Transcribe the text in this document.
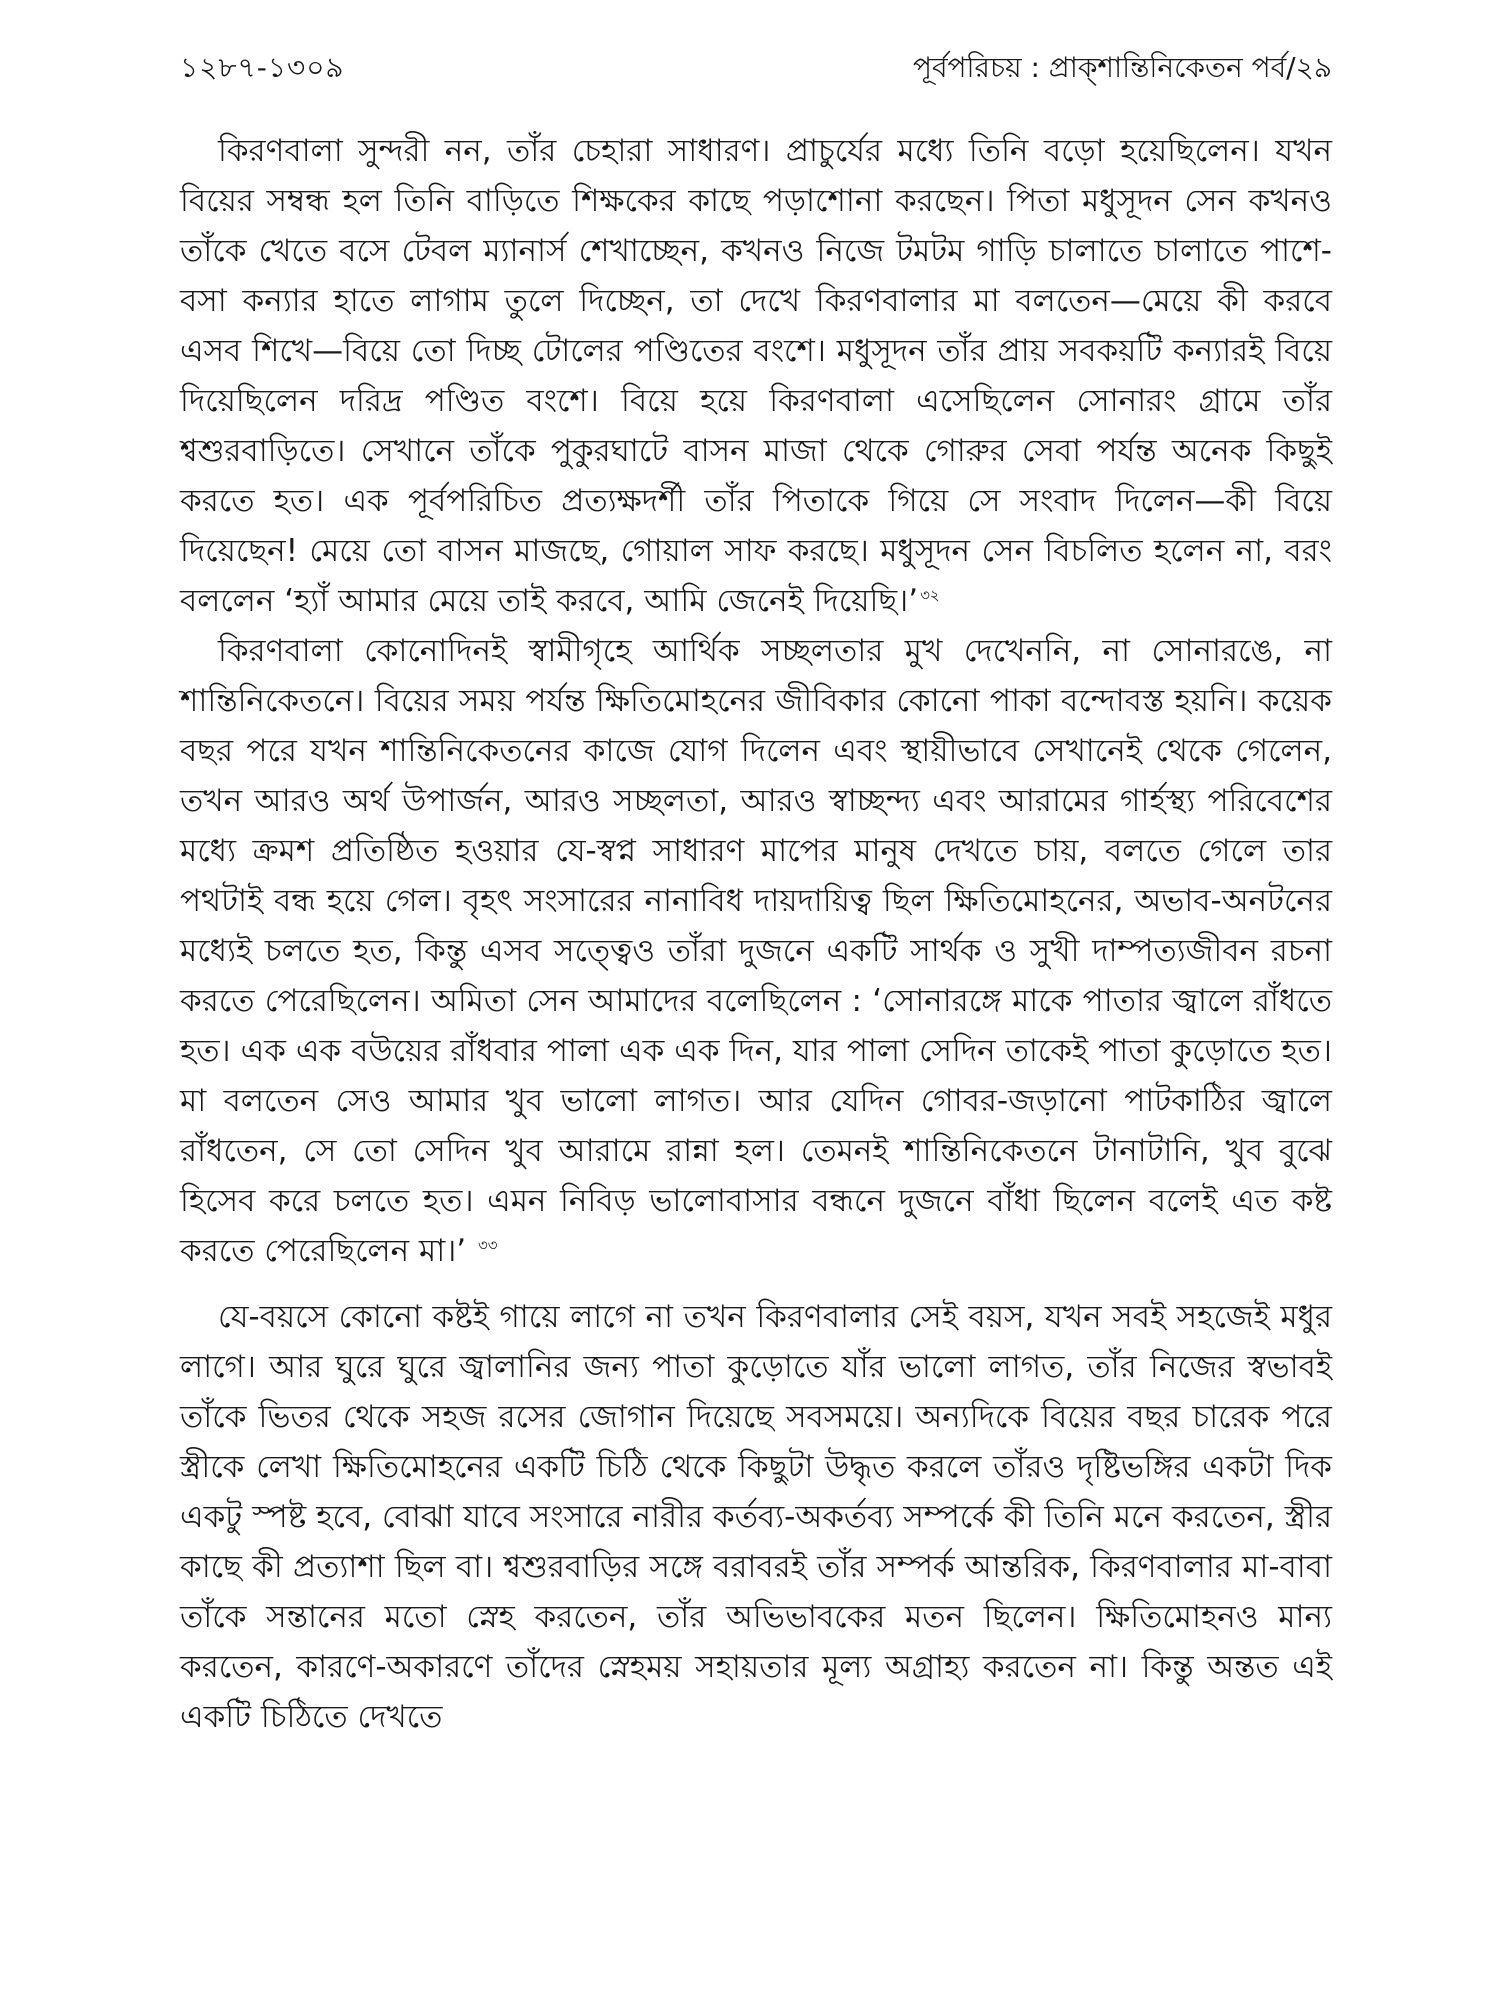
১২৮৭-১৩০৯	পূর্বপরিচয় : প্রাক্‌শান্তিনিকেতন পর্ব/২৯

কিরণবালা সুন্দরী নন, তাঁর চেহারা সাধারণ। প্রাচুর্যের মধ্যে তিনি বড়ো হয়েছিলেন। যখন বিয়ের সম্বন্ধ হল তিনি বাড়িতে শিক্ষকের কাছে পড়াশোনা করছেন। পিতা মধুসূদন সেন কখনও তাঁকে খেতে বসে টেবল ম্যানার্স শেখাচ্ছেন, কখনও নিজে টমটম গাড়ি চালাতে চালাতে পাশে-বসা কন্যার হাতে লাগাম তুলে দিচ্ছেন, তা দেখে কিরণবালার মা বলতেন—মেয়ে কী করবে এসব শিখে—বিয়ে তো দিচ্ছ টোলের পণ্ডিতের বংশে। মধুসূদন তাঁর প্রায় সবকয়টি কন্যারই বিয়ে দিয়েছিলেন দরিদ্র পণ্ডিত বংশে। বিয়ে হয়ে কিরণবালা এসেছিলেন সোনারং গ্রামে তাঁর শ্বশুরবাড়িতে। সেখানে তাঁকে পুকুরঘাটে বাসন মাজা থেকে গোরুর সেবা পর্যন্ত অনেক কিছুই করতে হত। এক পূর্বপরিচিত প্রত্যক্ষদর্শী তাঁর পিতাকে গিয়ে সে সংবাদ দিলেন—কী বিয়ে দিয়েছেন! মেয়ে তো বাসন মাজছে, গোয়াল সাফ করছে। মধুসূদন সেন বিচলিত হলেন না, বরং বললেন ‘হ্যাঁ আমার মেয়ে তাই করবে, আমি জেনেই দিয়েছি।’ $^{৩২}$

কিরণবালা কোনোদিনই স্বামীগৃহে আর্থিক সচ্ছলতার মুখ দেখেননি, না সোনারঙে, না শান্তিনিকেতনে। বিয়ের সময় পর্যন্ত ক্ষিতিমোহনের জীবিকার কোনো পাকা বন্দোবস্ত হয়নি। কয়েক বছর পরে যখন শান্তিনিকেতনের কাজে যোগ দিলেন এবং স্থায়ীভাবে সেখানেই থেকে গেলেন, তখন আরও অর্থ উপার্জন, আরও সচ্ছলতা, আরও স্বাচ্ছন্দ্য এবং আরামের গার্হস্থ্য পরিবেশের মধ্যে ক্রমশ প্রতিষ্ঠিত হওয়ার যে-স্বপ্ন সাধারণ মাপের মানুষ দেখতে চায়, বলতে গেলে তার পথটাই বন্ধ হয়ে গেল। বৃহৎ সংসারের নানাবিধ দায়দায়িত্ব ছিল ক্ষিতিমোহনের, অভাব-অনটনের মধ্যেই চলতে হত, কিন্তু এসব সত্ত্বেও তাঁরা দুজনে একটি সার্থক ও সুখী দাম্পত্যজীবন রচনা করতে পেরেছিলেন। অমিতা সেন আমাদের বলেছিলেন : ‘সোনারঙ্গে মাকে পাতার জ্বালে রাঁধতে হত। এক এক বউয়ের রাঁধবার পালা এক এক দিন, যার পালা সেদিন তাকেই পাতা কুড়োতে হত। মা বলতেন সেও আমার খুব ভালো লাগত। আর যেদিন গোবর-জড়ানো পাটকাঠির জ্বালে রাঁধতেন, সে তো সেদিন খুব আরামে রান্না হল। তেমনই শান্তিনিকেতনে টানাটানি, খুব বুঝে হিসেব করে চলতে হত। এমন নিবিড় ভালোবাসার বন্ধনে দুজনে বাঁধা ছিলেন বলেই এত কষ্ট করতে পেরেছিলেন মা।’ $^{৩৩}$

যে-বয়সে কোনো কষ্টই গায়ে লাগে না তখন কিরণবালার সেই বয়স, যখন সবই সহজেই মধুর লাগে। আর ঘুরে ঘুরে জ্বালানির জন্য পাতা কুড়োতে যাঁর ভালো লাগত, তাঁর নিজের স্বভাবই তাঁকে ভিতর থেকে সহজ রসের জোগান দিয়েছে সবসময়ে। অন্যদিকে বিয়ের বছর চারেক পরে স্ত্রীকে লেখা ক্ষিতিমোহনের একটি চিঠি থেকে কিছুটা উদ্ধৃত করলে তাঁরও দৃষ্টিভঙ্গির একটা দিক একটু স্পষ্ট হবে, বোঝা যাবে সংসারে নারীর কর্তব্য-অকর্তব্য সম্পর্কে কী তিনি মনে করতেন, স্ত্রীর কাছে কী প্রত্যাশা ছিল বা। শ্বশুরবাড়ির সঙ্গে বরাবরই তাঁর সম্পর্ক আন্তরিক, কিরণবালার মা-বাবা তাঁকে সন্তানের মতো স্নেহ করতেন, তাঁর অভিভাবকের মতন ছিলেন। ক্ষিতিমোহনও মান্য করতেন, কারণে-অকারণে তাঁদের স্নেহময় সহায়তার মূল্য অগ্রাহ্য করতেন না। কিন্তু অন্তত এই একটি চিঠিতে দেখতে
